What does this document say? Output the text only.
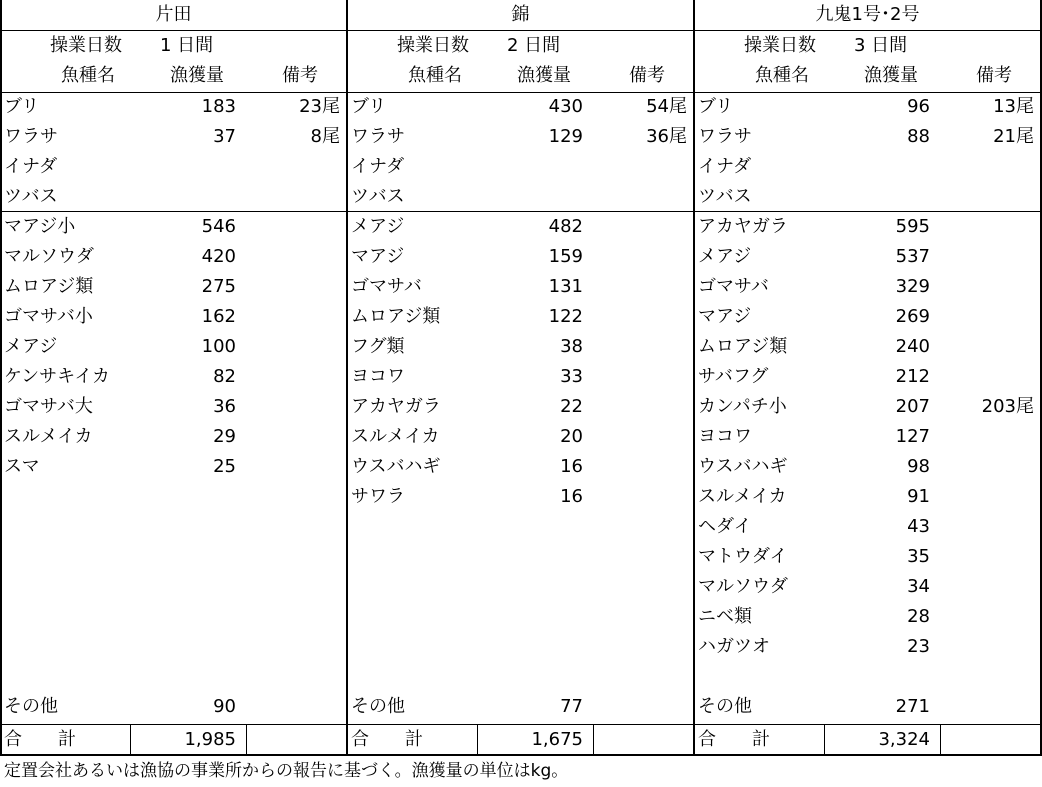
片田
操業日数 1 日間
魚種名	漁獲量	備考
ブリ	183	23尾
ワラサ	37	8尾
イナダ
ツバス
マアジ小	546
マルソウダ	420
ムロアジ類	275
ゴマサバ小	162
メアジ	100
ケンサキイカ	82
ゴマサバ大	36
スルメイカ	29
スマ	25
その他	90
合　　計	1,985
錦
操業日数 2 日間
魚種名	漁獲量	備考
ブリ	430	54尾
ワラサ	129	36尾
イナダ
ツバス
メアジ	482
マアジ	159
ゴマサバ	131
ムロアジ類	122
フグ類	38
ヨコワ	33
アカヤガラ	22
スルメイカ	20
ウスバハギ	16
サワラ	16
その他	77
合　　計	1,675
九鬼1号･2号
操業日数 3 日間
魚種名	漁獲量	備考
ブリ	96	13尾
ワラサ	88	21尾
イナダ
ツバス
アカヤガラ	595
メアジ	537
ゴマサバ	329
マアジ	269
ムロアジ類	240
サバフグ	212
カンパチ小	207	203尾
ヨコワ	127
ウスバハギ	98
スルメイカ	91
ヘダイ	43
マトウダイ	35
マルソウダ	34
ニベ類	28
ハガツオ	23
その他	271
合　　計	3,324
定置会社あるいは漁協の事業所からの報告に基づく。漁獲量の単位はkg。
